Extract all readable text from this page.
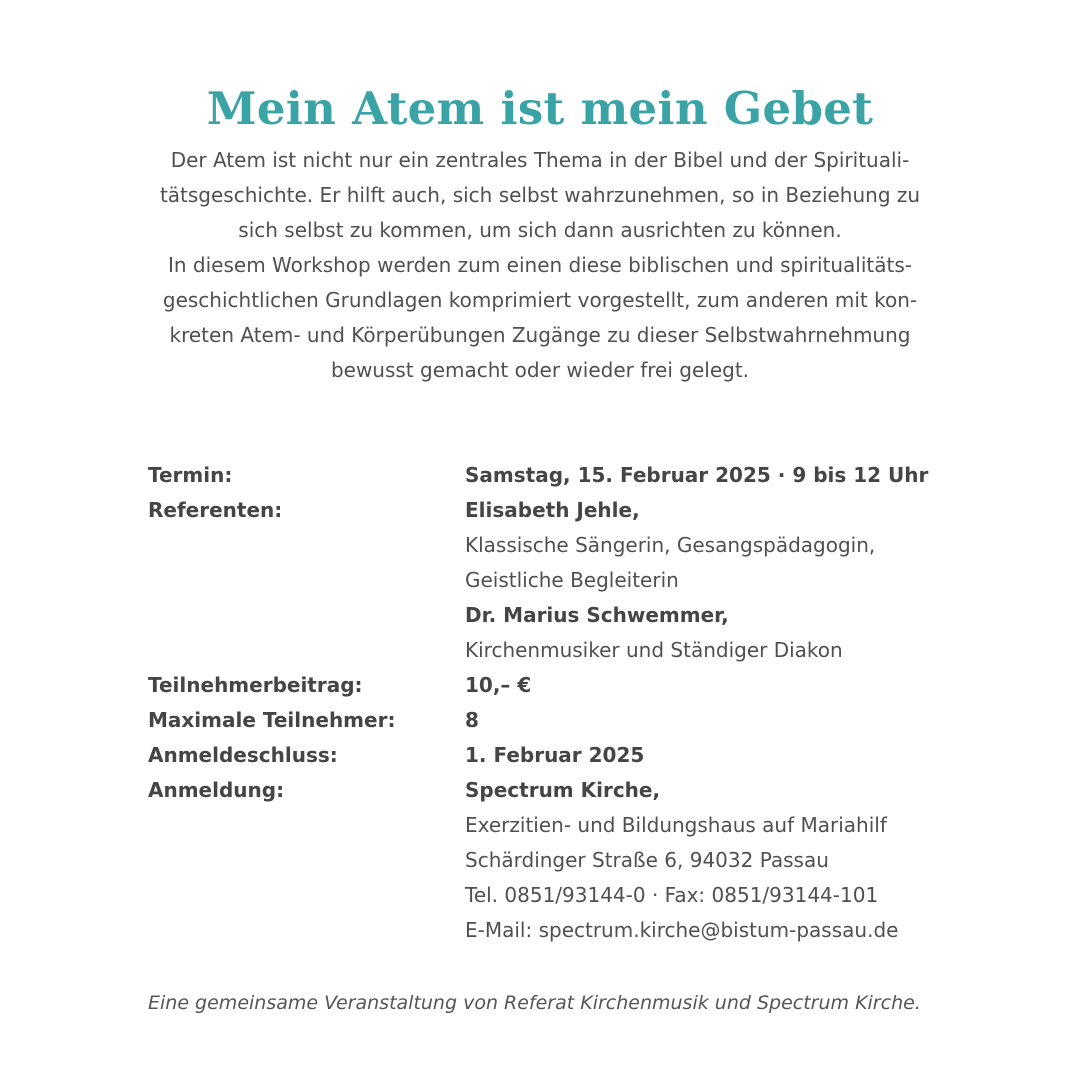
Mein Atem ist mein Gebet
Der Atem ist nicht nur ein zentrales Thema in der Bibel und der Spirituali-
tätsgeschichte. Er hilft auch, sich selbst wahrzunehmen, so in Beziehung zu
sich selbst zu kommen, um sich dann ausrichten zu können.
In diesem Workshop werden zum einen diese biblischen und spiritualitäts-
geschichtlichen Grundlagen komprimiert vorgestellt, zum anderen mit kon-
kreten Atem- und Körperübungen Zugänge zu dieser Selbstwahrnehmung
bewusst gemacht oder wieder frei gelegt.
Termin:	Samstag, 15. Februar 2025 · 9 bis 12 Uhr
Referenten:	Elisabeth Jehle,
Klassische Sängerin, Gesangspädagogin,
Geistliche Begleiterin
Dr. Marius Schwemmer,
Kirchenmusiker und Ständiger Diakon
Teilnehmerbeitrag:	10,– €
Maximale Teilnehmer:	8
Anmeldeschluss:	1. Februar 2025
Anmeldung:	Spectrum Kirche,
Exerzitien- und Bildungshaus auf Mariahilf
Schärdinger Straße 6, 94032 Passau
Tel. 0851/93144-0 · Fax: 0851/93144-101
E-Mail: spectrum.kirche@bistum-passau.de
Eine gemeinsame Veranstaltung von Referat Kirchenmusik und Spectrum Kirche.
